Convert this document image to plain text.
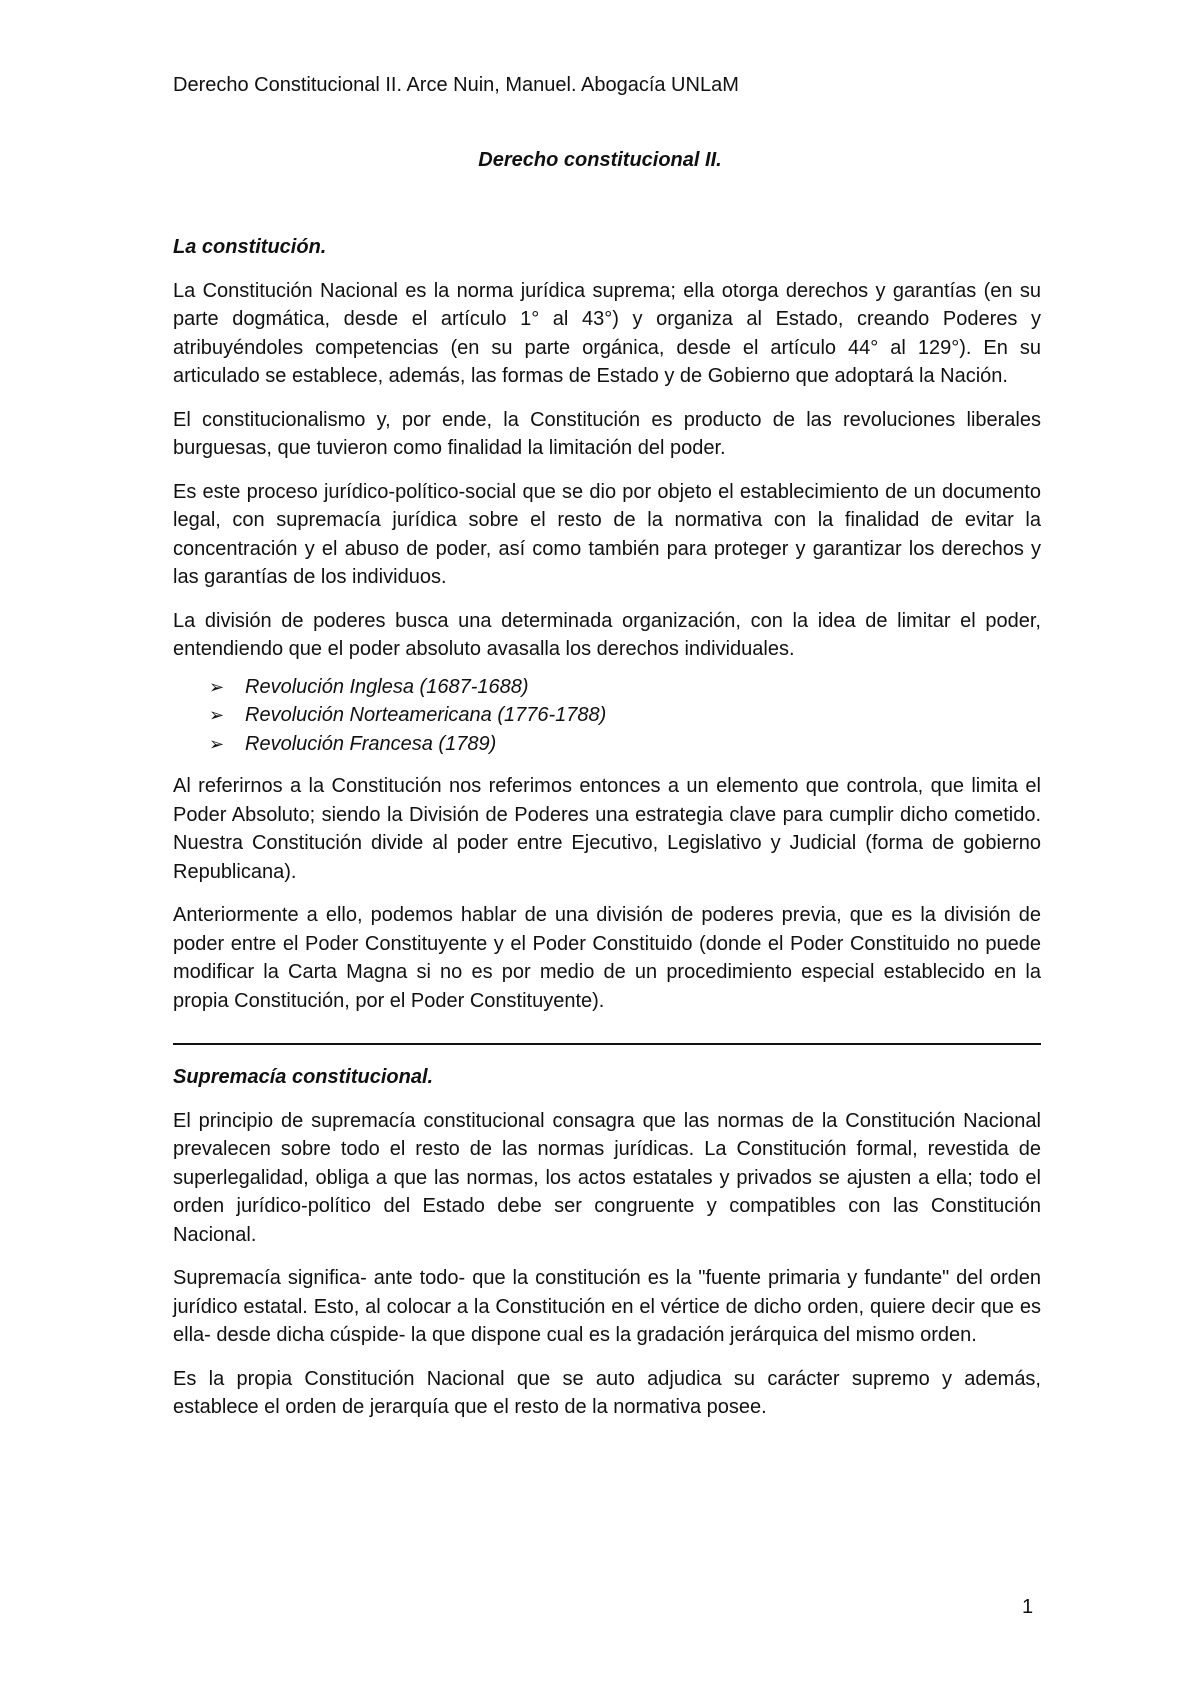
Derecho Constitucional II. Arce Nuin, Manuel. Abogacía UNLaM
Derecho constitucional II.
La constitución.

La Constitución Nacional es la norma jurídica suprema; ella otorga derechos y garantías (en su parte dogmática, desde el artículo 1° al 43°) y organiza al Estado, creando Poderes y atribuyéndoles competencias (en su parte orgánica, desde el artículo 44° al 129°). En su articulado se establece, además, las formas de Estado y de Gobierno que adoptará la Nación.

El constitucionalismo y, por ende, la Constitución es producto de las revoluciones liberales burguesas, que tuvieron como finalidad la limitación del poder.

Es este proceso jurídico-político-social que se dio por objeto el establecimiento de un documento legal, con supremacía jurídica sobre el resto de la normativa con la finalidad de evitar la concentración y el abuso de poder, así como también para proteger y garantizar los derechos y las garantías de los individuos.

La división de poderes busca una determinada organización, con la idea de limitar el poder, entendiendo que el poder absoluto avasalla los derechos individuales.

➢ Revolución Inglesa (1687-1688)
➢ Revolución Norteamericana (1776-1788)
➢ Revolución Francesa (1789)

Al referirnos a la Constitución nos referimos entonces a un elemento que controla, que limita el Poder Absoluto; siendo la División de Poderes una estrategia clave para cumplir dicho cometido. Nuestra Constitución divide al poder entre Ejecutivo, Legislativo y Judicial (forma de gobierno Republicana).

Anteriormente a ello, podemos hablar de una división de poderes previa, que es la división de poder entre el Poder Constituyente y el Poder Constituido (donde el Poder Constituido no puede modificar la Carta Magna si no es por medio de un procedimiento especial establecido en la propia Constitución, por el Poder Constituyente).

Supremacía constitucional.

El principio de supremacía constitucional consagra que las normas de la Constitución Nacional prevalecen sobre todo el resto de las normas jurídicas. La Constitución formal, revestida de superlegalidad, obliga a que las normas, los actos estatales y privados se ajusten a ella; todo el orden jurídico-político del Estado debe ser congruente y compatibles con las Constitución Nacional.

Supremacía significa- ante todo- que la constitución es la "fuente primaria y fundante" del orden jurídico estatal. Esto, al colocar a la Constitución en el vértice de dicho orden, quiere decir que es ella- desde dicha cúspide- la que dispone cual es la gradación jerárquica del mismo orden.

Es la propia Constitución Nacional que se auto adjudica su carácter supremo y además, establece el orden de jerarquía que el resto de la normativa posee.

1
